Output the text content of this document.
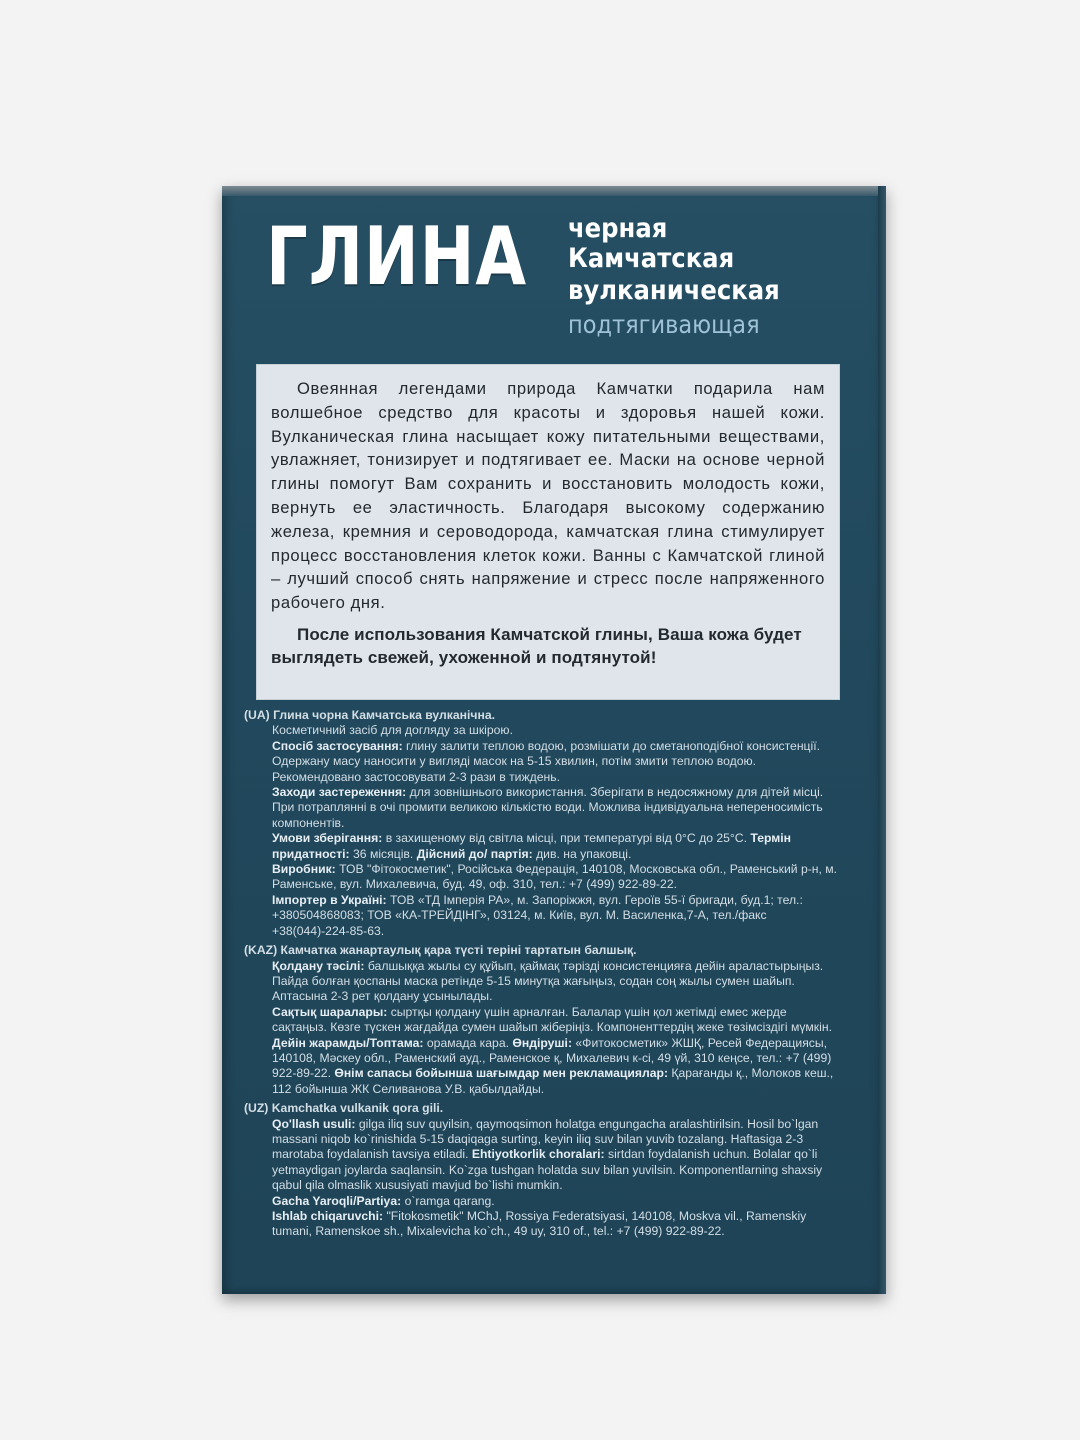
ГЛИНА черная
Камчатская
вулканическая
подтягивающая

Овеянная легендами природа Камчатки подарила нам волшебное средство для красоты и здоровья нашей кожи. Вулканическая глина насыщает кожу питательными веществами, увлажняет, тонизирует и подтягивает ее. Маски на основе черной глины помогут Вам сохранить и восстановить молодость кожи, вернуть ее эластичность. Благодаря высокому содержанию железа, кремния и сероводорода, камчатская глина стимулирует процесс восстановления клеток кожи. Ванны с Камчатской глиной – лучший способ снять напряжение и стресс после напряженного рабочего дня.

После использования Камчатской глины, Ваша кожа будет выглядеть свежей, ухоженной и подтянутой!

(UA) Глина чорна Камчатська вулканічна.
Косметичний засіб для догляду за шкірою.
Спосіб застосування: глину залити теплою водою, розмішати до сметаноподібної консистенції. Одержану масу наносити у вигляді масок на 5-15 хвилин, потім змити теплою водою. Рекомендовано застосовувати 2-3 рази в тиждень.
Заходи застереження: для зовнішнього використання. Зберігати в недосяжному для дітей місці. При потраплянні в очі промити великою кількістю води. Можлива індивідуальна непереносимість компонентів.
Умови зберігання: в захищеному від світла місці, при температурі від 0°С до 25°С. Термін придатності: 36 місяців. Дійсний до/ партія: див. на упаковці.
Виробник: ТОВ "Фітокосметик", Російська Федерація, 140108, Московська обл., Раменський р-н, м. Раменське, вул. Михалевича, буд. 49, оф. 310, тел.: +7 (499) 922-89-22.
Імпортер в Україні: ТОВ «ТД Імперія РА», м. Запоріжжя, вул. Героїв 55-ї бригади, буд.1; тел.: +380504868083; ТОВ «КА-ТРЕЙДІНГ», 03124, м. Київ, вул. М. Василенка,7-А, тел./факс +38(044)-224-85-63.
(KAZ) Камчатка жанартаулық қара түсті терінi тартатын балшық.
Қолдану тәсiлi: балшыққа жылы су құйып, қаймақ тәрізді консистенцияға дейін араластырыңыз. Пайда болған қоспаны маска ретінде 5-15 минутқа жағыңыз, содан соң жылы сумен шайып. Аптасына 2-3 рет қолдану ұсынылады.
Сақтық шаралары: сыртқы қолдану үшін арналған. Балалар үшін қол жетімді емес жерде сақтаңыз. Көзге түскен жағдайда сумен шайып жіберіңіз. Компоненттердің жеке төзімсіздігі мүмкін.
Дейін жарамды/Топтама: орамада кара. Өндіруші: «Фитокосметик» ЖШҚ, Ресей Федерациясы, 140108, Мәскеу обл., Раменский ауд., Раменское қ, Михалевич к-сі, 49 үй, 310 кеңсе, тел.: +7 (499) 922-89-22. Өнім сапасы бойынша шағымдар мен рекламациялар: Қарағанды қ., Молоков кеш., 112 бойынша ЖК Селиванова У.В. қабылдайды.
(UZ) Kamchatka vulkanik qora gili.
Qo'llash usuli: gilga iliq suv quyilsin, qaymoqsimon holatga engungacha aralashtirilsin. Hosil bo`lgan massani niqob ko`rinishida 5-15 daqiqaga surting, keyin iliq suv bilan yuvib tozalang. Haftasiga 2-3 marotaba foydalanish tavsiya etiladi. Ehtiyotkorlik choralari: sirtdan foydalanish uchun. Bolalar qo`li yetmaydigan joylarda saqlansin. Ko`zga tushgan holatda suv bilan yuvilsin. Komponentlarning shaxsiy qabul qila olmaslik xususiyati mavjud bo`lishi mumkin.
Gacha Yaroqli/Partiya: o`ramga qarang.
Ishlab chiqaruvchi: "Fitokosmetik" MChJ, Rossiya Federatsiyasi, 140108, Moskva vil., Ramenskiy tumani, Ramenskoe sh., Mixalevicha ko`ch., 49 uy, 310 of., tel.: +7 (499) 922-89-22.
